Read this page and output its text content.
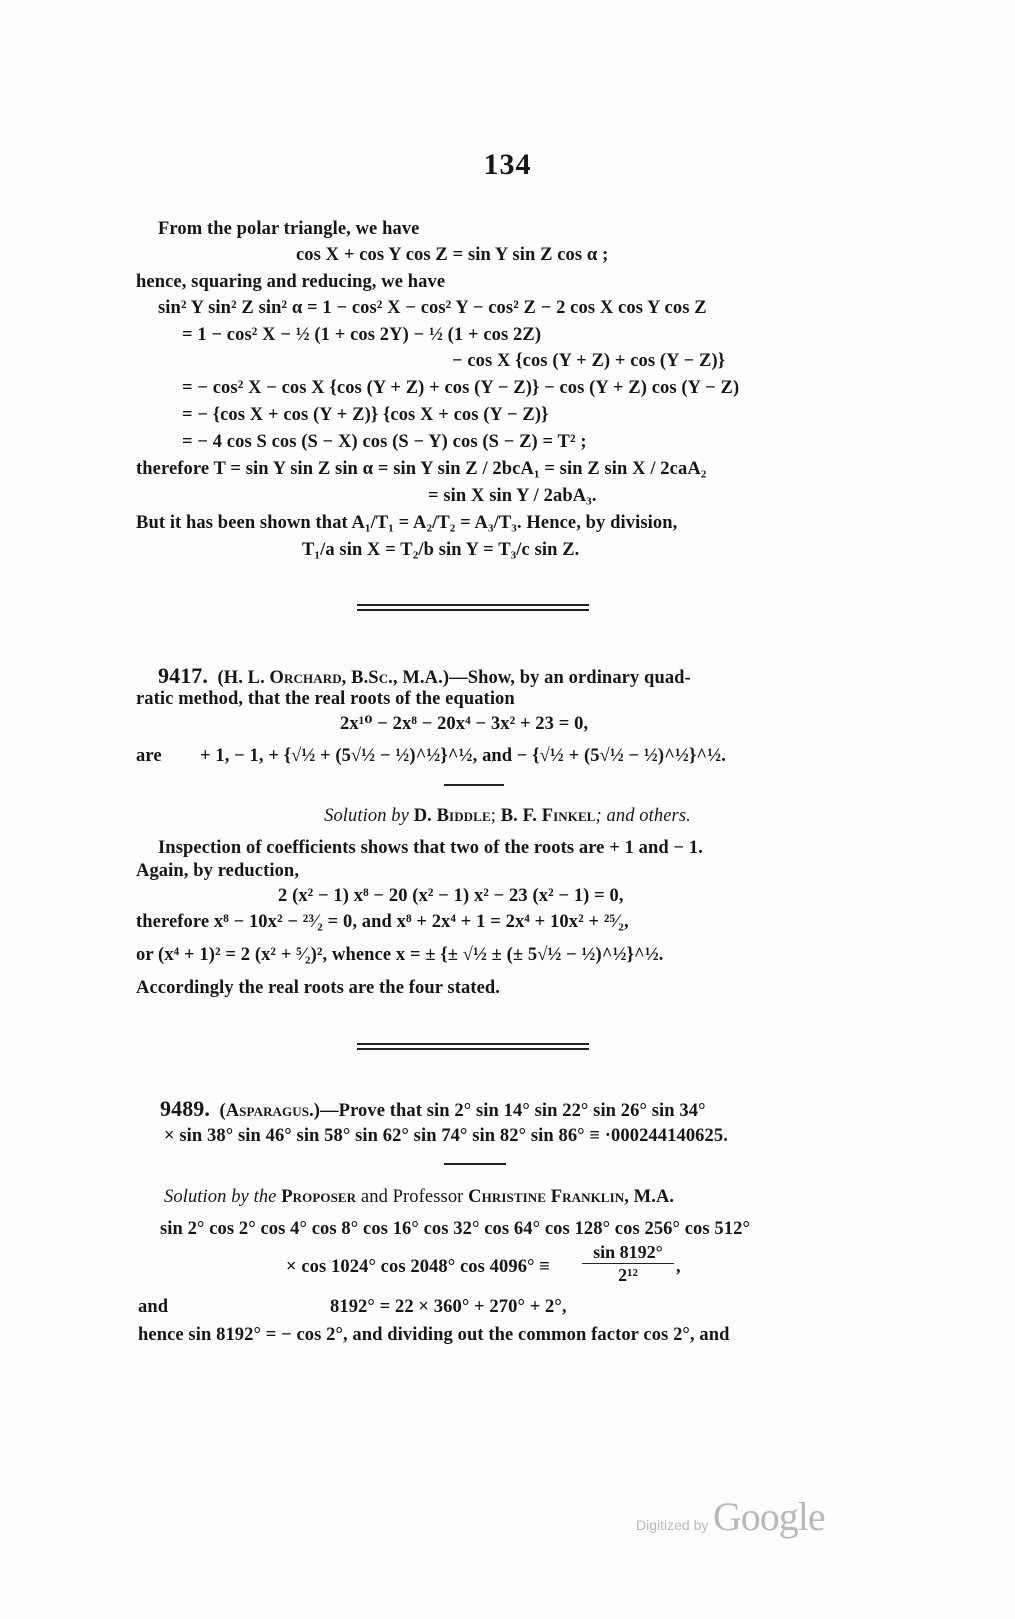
134
From the polar triangle, we have
cos X + cos Y cos Z = sin Y sin Z cos α ;
hence, squaring and reducing, we have
sin² Y sin² Z sin² α = 1 − cos² X − cos² Y − cos² Z − 2 cos X cos Y cos Z
= 1 − cos² X − ½ (1 + cos 2Y) − ½ (1 + cos 2Z)
− cos X {cos (Y + Z) + cos (Y − Z)}
= − cos² X − cos X {cos (Y + Z) + cos (Y − Z)} − cos (Y + Z) cos (Y − Z)
= − {cos X + cos (Y + Z)} {cos X + cos (Y − Z)}
= − 4 cos S cos (S − X) cos (S − Y) cos (S − Z) = T² ;
therefore T = sin Y sin Z sin α = sin Y sin Z / 2bcA₁ = sin Z sin X / 2caA₂
= sin X sin Y / 2abA₃.
But it has been shown that A₁/T₁ = A₂/T₂ = A₃/T₃. Hence, by division,
T₁/a sin X = T₂/b sin Y = T₃/c sin Z.
9417. (H. L. Orchard, B.Sc., M.A.)—Show, by an ordinary quad-
ratic method, that the real roots of the equation
2x¹⁰ − 2x⁸ − 20x⁴ − 3x² + 23 = 0,
are + 1, − 1, + {√½ + (5√½ − ½)^½}^½, and − {√½ + (5√½ − ½)^½}^½.
Solution by D. Biddle; B. F. Finkel; and others.
Inspection of coefficients shows that two of the roots are + 1 and − 1.
Again, by reduction,
2 (x² − 1) x⁸ − 20 (x² − 1) x² − 23 (x² − 1) = 0,
therefore x⁸ − 10x² − ²³⁄₂ = 0, and x⁸ + 2x⁴ + 1 = 2x⁴ + 10x² + ²⁵⁄₂,
or (x⁴ + 1)² = 2 (x² + ⁵⁄₂)², whence x = ± {± √½ ± (± 5√½ − ½)^½}^½.
Accordingly the real roots are the four stated.
9489. (Asparagus.)—Prove that sin 2° sin 14° sin 22° sin 26° sin 34°
× sin 38° sin 46° sin 58° sin 62° sin 74° sin 82° sin 86° ≡ ·000244140625.
Solution by the Proposer and Professor Christine Franklin, M.A.
sin 2° cos 2° cos 4° cos 8° cos 16° cos 32° cos 64° cos 128° cos 256° cos 512°
× cos 1024° cos 2048° $\cos 4096^\circ \equiv \frac{\sin 8192^\circ}{\text{2¹²}}$ ,
and	8192° = 22 × 360° + 270° + 2°,
hence sin 8192° = − cos 2°, and dividing out the common factor cos 2°, and
Digitized by Google
